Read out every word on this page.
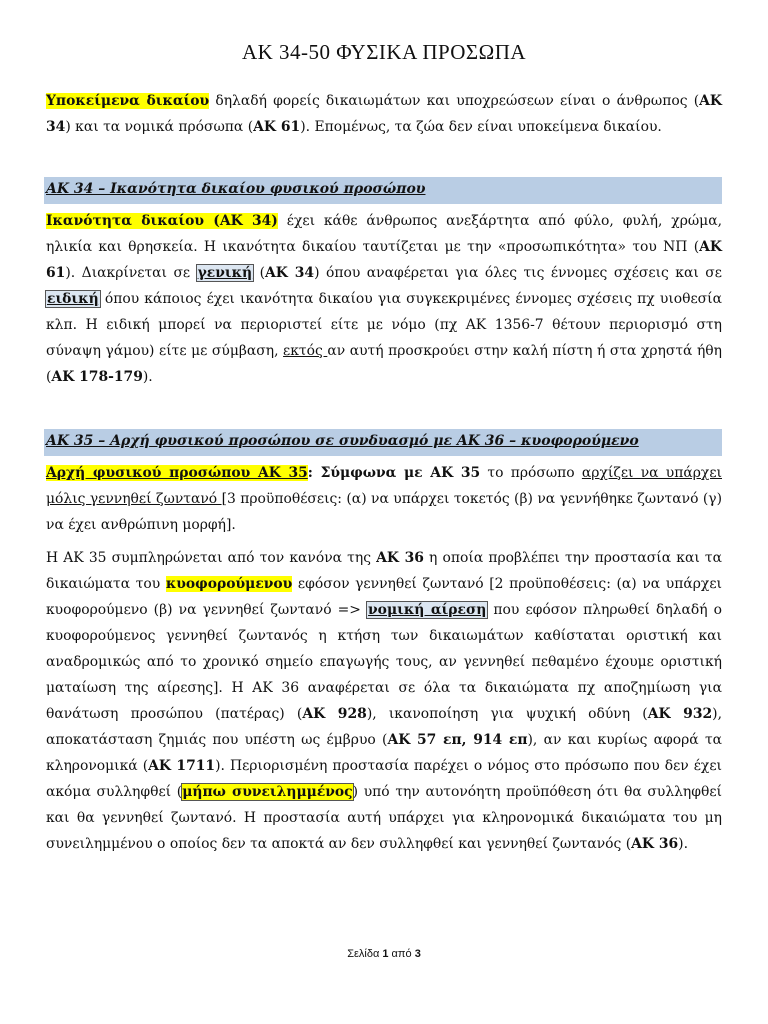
ΑΚ 34-50 ΦΥΣΙΚΑ ΠΡΟΣΩΠΑ
Υποκείμενα δικαίου δηλαδή φορείς δικαιωμάτων και υποχρεώσεων είναι ο άνθρωπος (ΑΚ 34) και τα νομικά πρόσωπα (ΑΚ 61). Επομένως, τα ζώα δεν είναι υποκείμενα δικαίου.
ΑΚ 34 – Ικανότητα δικαίου φυσικού προσώπου
Ικανότητα δικαίου (ΑΚ 34) έχει κάθε άνθρωπος ανεξάρτητα από φύλο, φυλή, χρώμα, ηλικία και θρησκεία. Η ικανότητα δικαίου ταυτίζεται με την «προσωπικότητα» του ΝΠ (ΑΚ 61). Διακρίνεται σε γενική (ΑΚ 34) όπου αναφέρεται για όλες τις έννομες σχέσεις και σε ειδική όπου κάποιος έχει ικανότητα δικαίου για συγκεκριμένες έννομες σχέσεις πχ υιοθεσία κλπ. Η ειδική μπορεί να περιοριστεί είτε με νόμο (πχ ΑΚ 1356-7 θέτουν περιορισμό στη σύναψη γάμου) είτε με σύμβαση, εκτός αν αυτή προσκρούει στην καλή πίστη ή στα χρηστά ήθη (ΑΚ 178-179).
ΑΚ 35 – Αρχή φυσικού προσώπου σε συνδυασμό με ΑΚ 36 – κυοφορούμενο
Αρχή φυσικού προσώπου ΑΚ 35: Σύμφωνα με ΑΚ 35 το πρόσωπο αρχίζει να υπάρχει μόλις γεννηθεί ζωντανό [3 προϋποθέσεις: (α) να υπάρχει τοκετός (β) να γεννήθηκε ζωντανό (γ) να έχει ανθρώπινη μορφή].
Η ΑΚ 35 συμπληρώνεται από τον κανόνα της ΑΚ 36 η οποία προβλέπει την προστασία και τα δικαιώματα του κυοφορούμενου εφόσον γεννηθεί ζωντανό [2 προϋποθέσεις: (α) να υπάρχει κυοφορούμενο (β) να γεννηθεί ζωντανό => νομική αίρεση που εφόσον πληρωθεί δηλαδή ο κυοφορούμενος γεννηθεί ζωντανός η κτήση των δικαιωμάτων καθίσταται οριστική και αναδρομικώς από το χρονικό σημείο επαγωγής τους, αν γεννηθεί πεθαμένο έχουμε οριστική ματαίωση της αίρεσης]. Η ΑΚ 36 αναφέρεται σε όλα τα δικαιώματα πχ αποζημίωση για θανάτωση προσώπου (πατέρας) (ΑΚ 928), ικανοποίηση για ψυχική οδύνη (ΑΚ 932), αποκατάσταση ζημιάς που υπέστη ως έμβρυο (ΑΚ 57 επ, 914 επ), αν και κυρίως αφορά τα κληρονομικά (ΑΚ 1711). Περιορισμένη προστασία παρέχει ο νόμος στο πρόσωπο που δεν έχει ακόμα συλληφθεί (μήπω συνειλημμένος) υπό την αυτονόητη προϋπόθεση ότι θα συλληφθεί και θα γεννηθεί ζωντανό. Η προστασία αυτή υπάρχει για κληρονομικά δικαιώματα του μη συνειλημμένου ο οποίος δεν τα αποκτά αν δεν συλληφθεί και γεννηθεί ζωντανός (ΑΚ 36).
Σελίδα 1 από 3
